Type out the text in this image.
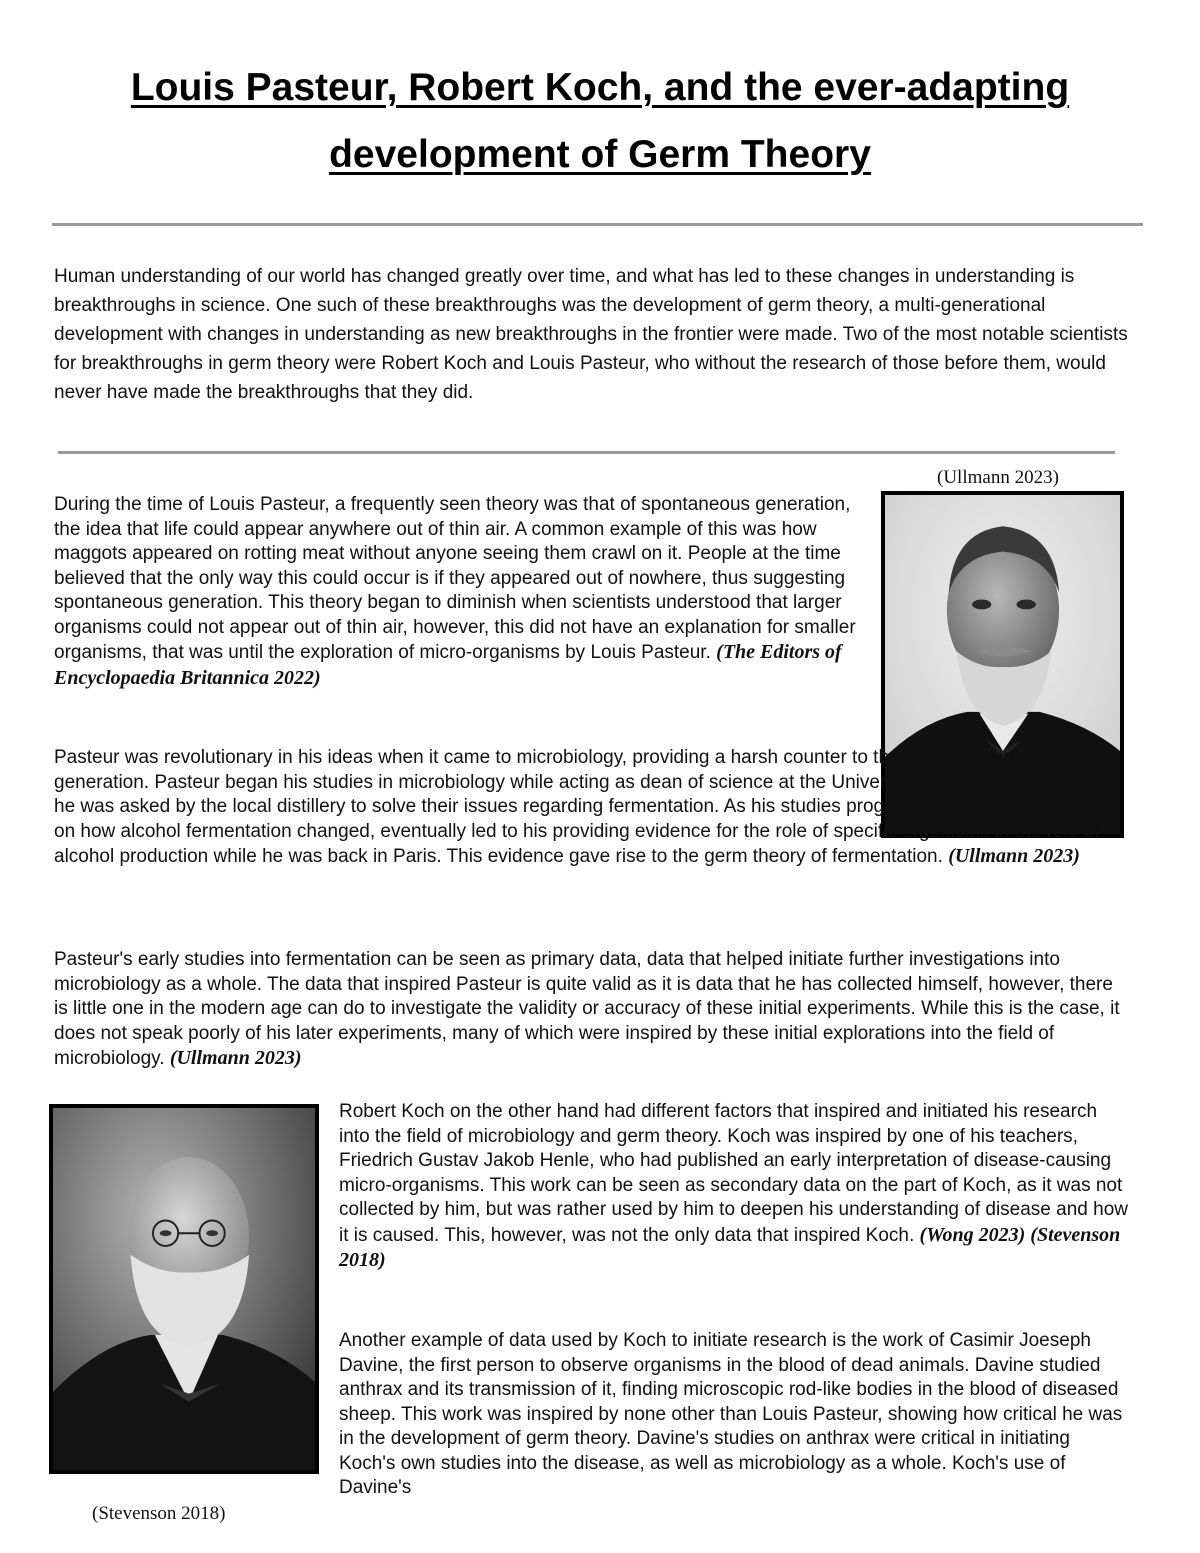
Louis Pasteur, Robert Koch, and the ever-adapting
development of Germ Theory

Human understanding of our world has changed greatly over time, and what has led to these changes in understanding is breakthroughs in science. One such of these breakthroughs was the development of germ theory, a multi-generational development with changes in understanding as new breakthroughs in the frontier were made. Two of the most notable scientists for breakthroughs in germ theory were Robert Koch and Louis Pasteur, who without the research of those before them, would never have made the breakthroughs that they did.

(Ullmann 2023)

During the time of Louis Pasteur, a frequently seen theory was that of spontaneous generation, the idea that life could appear anywhere out of thin air. A common example of this was how maggots appeared on rotting meat without anyone seeing them crawl on it. People at the time believed that the only way this could occur is if they appeared out of nowhere, thus suggesting spontaneous generation. This theory began to diminish when scientists understood that larger organisms could not appear out of thin air, however, this did not have an explanation for smaller organisms, that was until the exploration of micro-organisms by Louis Pasteur. (The Editors of Encyclopaedia Britannica 2022)

Pasteur was revolutionary in his ideas when it came to microbiology, providing a harsh counter to the notion of spontaneous generation. Pasteur began his studies in microbiology while acting as dean of science at the University of Lille. In this position, he was asked by the local distillery to solve their issues regarding fermentation. As his studies progressed, Pasteur's thoughts on how alcohol fermentation changed, eventually led to his providing evidence for the role of specific organisms in the role of alcohol production while he was back in Paris. This evidence gave rise to the germ theory of fermentation. (Ullmann 2023)

Pasteur's early studies into fermentation can be seen as primary data, data that helped initiate further investigations into microbiology as a whole. The data that inspired Pasteur is quite valid as it is data that he has collected himself, however, there is little one in the modern age can do to investigate the validity or accuracy of these initial experiments. While this is the case, it does not speak poorly of his later experiments, many of which were inspired by these initial explorations into the field of microbiology. (Ullmann 2023)

(Stevenson 2018)

Robert Koch on the other hand had different factors that inspired and initiated his research into the field of microbiology and germ theory. Koch was inspired by one of his teachers, Friedrich Gustav Jakob Henle, who had published an early interpretation of disease-causing micro-organisms. This work can be seen as secondary data on the part of Koch, as it was not collected by him, but was rather used by him to deepen his understanding of disease and how it is caused. This, however, was not the only data that inspired Koch. (Wong 2023) (Stevenson 2018)

Another example of data used by Koch to initiate research is the work of Casimir Joeseph Davine, the first person to observe organisms in the blood of dead animals. Davine studied anthrax and its transmission of it, finding microscopic rod-like bodies in the blood of diseased sheep. This work was inspired by none other than Louis Pasteur, showing how critical he was in the development of germ theory. Davine's studies on anthrax were critical in initiating Koch's own studies into the disease, as well as microbiology as a whole. Koch's use of Davine's
